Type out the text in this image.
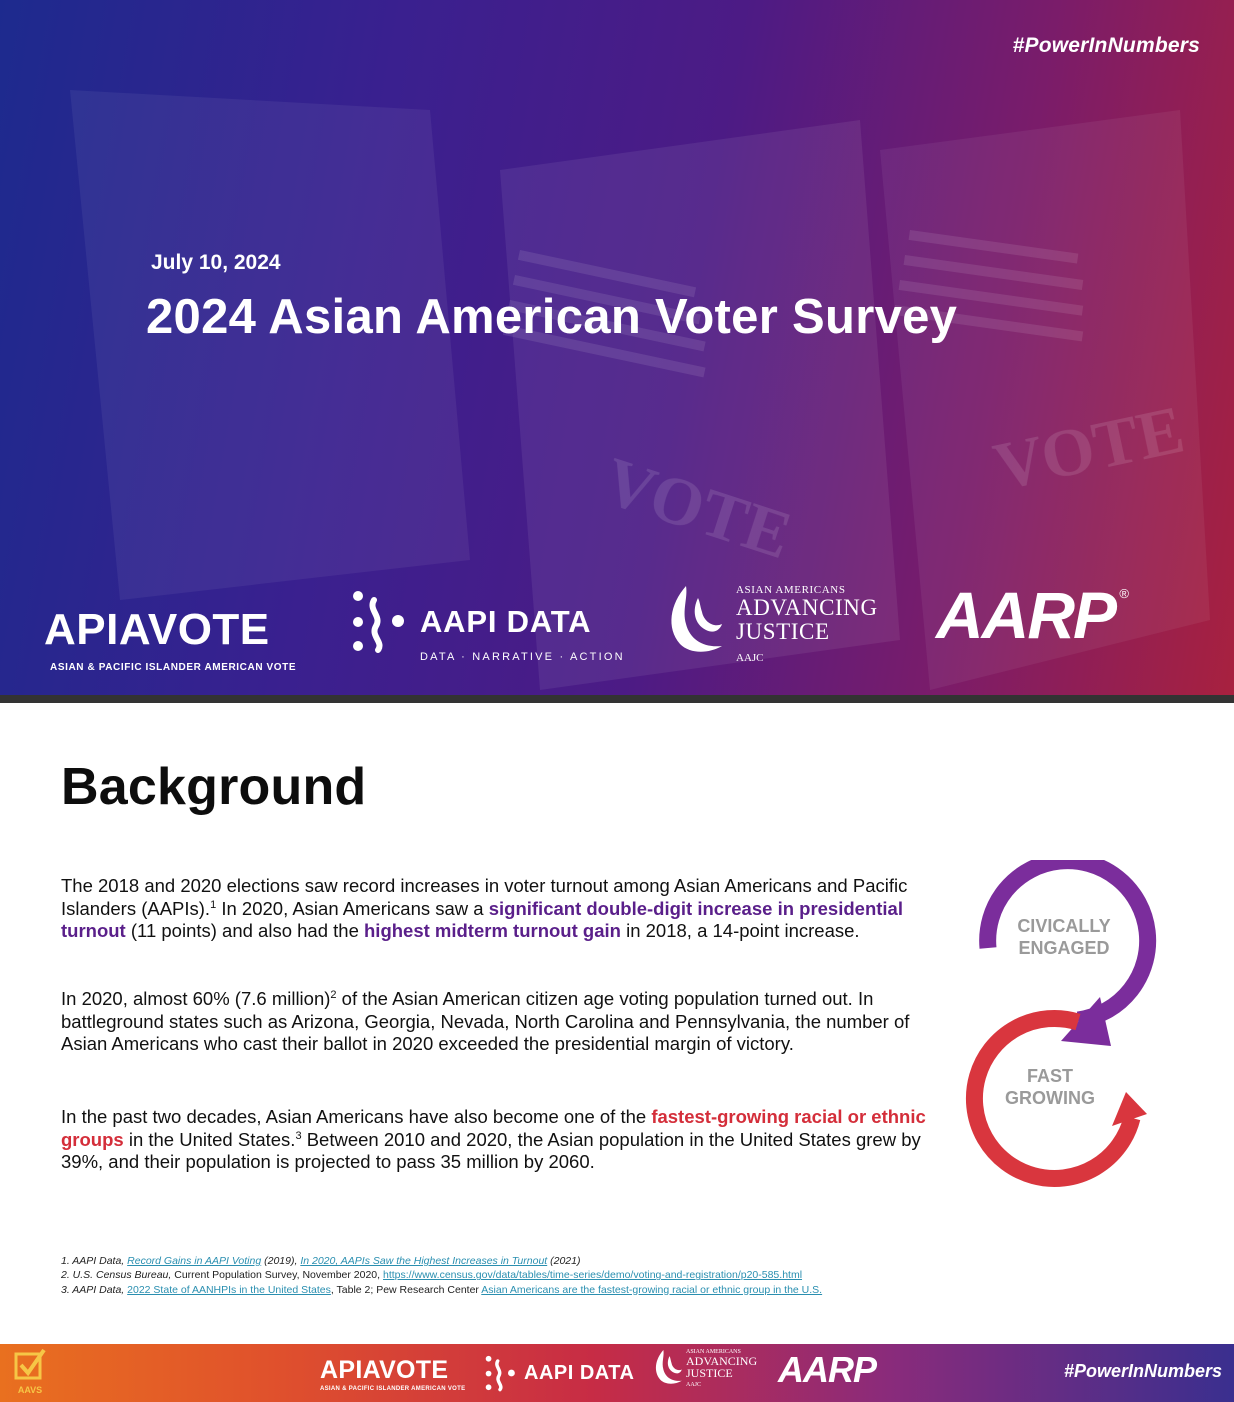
VOTE	VOTE
#PowerInNumbers
July 10, 2024
2024 Asian American Voter Survey
APIAVOTE
ASIAN & PACIFIC ISLANDER AMERICAN VOTE
AAPI DATA
DATA · NARRATIVE · ACTION
ASIAN AMERICANS
ADVANCING
JUSTICE
AAJC
AARP ®
Background

The 2018 and 2020 elections saw record increases in voter turnout among Asian Americans and Pacific Islanders (AAPIs).$^1$ In 2020, Asian Americans saw a significant double-digit increase in presidential turnout (11 points) and also had the highest midterm turnout gain in 2018, a 14-point increase.

In 2020, almost 60% (7.6 million)$^2$ of the Asian American citizen age voting population turned out. In battleground states such as Arizona, Georgia, Nevada, North Carolina and Pennsylvania, the number of Asian Americans who cast their ballot in 2020 exceeded the presidential margin of victory.

In the past two decades, Asian Americans have also become one of the fastest-growing racial or ethnic groups in the United States.$^3$ Between 2010 and 2020, the Asian population in the United States grew by 39%, and their population is projected to pass 35 million by 2060.

CIVICALLY
ENGAGED
FAST
GROWING
1. AAPI Data, Record Gains in AAPI Voting (2019), In 2020, AAPIs Saw the Highest Increases in Turnout (2021)
2. U.S. Census Bureau, Current Population Survey, November 2020, https://www.census.gov/data/tables/time-series/demo/voting-and-registration/p20-585.html
3. AAPI Data, 2022 State of AANHPIs in the United States, Table 2; Pew Research Center Asian Americans are the fastest-growing racial or ethnic group in the U.S.
AAVS
APIAVOTE
ASIAN & PACIFIC ISLANDER AMERICAN VOTE
AAPI DATA
ASIAN AMERICANS
ADVANCING
JUSTICE
AAJC	AARP	#PowerInNumbers
